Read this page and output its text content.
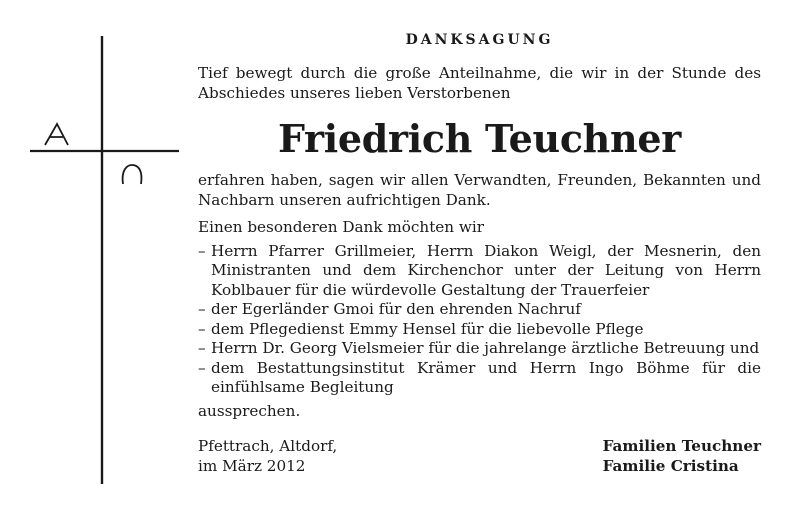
DANKSAGUNG

Tief bewegt durch die große Anteilnahme, die wir in der Stunde des Abschiedes unseres lieben Verstorbenen

Friedrich Teuchner

erfahren haben, sagen wir allen Verwandten, Freunden, Bekannten und Nachbarn unseren aufrichtigen Dank.

Einen besonderen Dank möchten wir

– Herrn Pfarrer Grillmeier, Herrn Diakon Weigl, der Mesnerin, den Ministranten und dem Kirchenchor unter der Leitung von Herrn Koblbauer für die würdevolle Gestaltung der Trauerfeier
– der Egerländer Gmoi für den ehrenden Nachruf
– dem Pflegedienst Emmy Hensel für die liebevolle Pflege
– Herrn Dr. Georg Vielsmeier für die jahrelange ärztliche Betreuung und
– dem Bestattungsinstitut Krämer und Herrn Ingo Böhme für die einfühlsame Begleitung

aussprechen.

Pfettrach, Altdorf,
im März 2012
Familien Teuchner
Familie Cristina
